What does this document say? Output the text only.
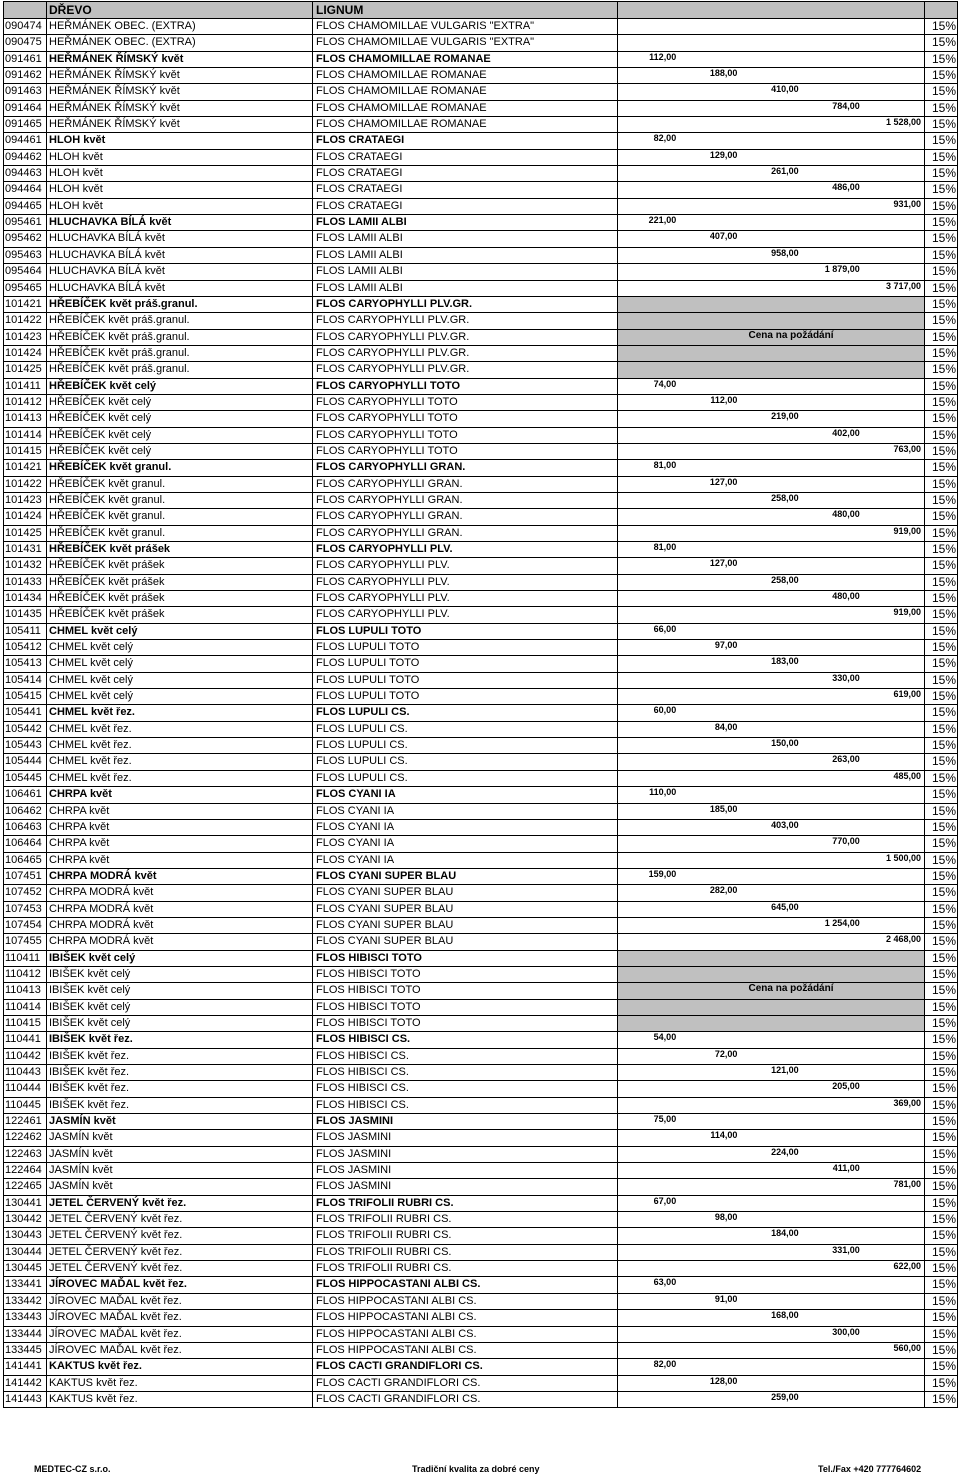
DŘEVO	LIGNUM
090474 HEŘMÁNEK OBEC. (EXTRA)	FLOS CHAMOMILLAE VULGARIS "EXTRA"	15%
090475 HEŘMÁNEK OBEC. (EXTRA)	FLOS CHAMOMILLAE VULGARIS "EXTRA"	15%
091461 HEŘMÁNEK ŘÍMSKÝ květ	FLOS CHAMOMILLAE ROMANAE	112,00	15%
091462 HEŘMÁNEK ŘÍMSKÝ květ	FLOS CHAMOMILLAE ROMANAE	188,00	15%
091463 HEŘMÁNEK ŘÍMSKÝ květ	FLOS CHAMOMILLAE ROMANAE	410,00	15%
091464 HEŘMÁNEK ŘÍMSKÝ květ	FLOS CHAMOMILLAE ROMANAE	784,00	15%
091465 HEŘMÁNEK ŘÍMSKÝ květ	FLOS CHAMOMILLAE ROMANAE	1 528,00 15%
094461 HLOH květ	FLOS CRATAEGI	82,00	15%
094462 HLOH květ	FLOS CRATAEGI	129,00	15%
094463 HLOH květ	FLOS CRATAEGI	261,00	15%
094464 HLOH květ	FLOS CRATAEGI	486,00	15%
094465 HLOH květ	FLOS CRATAEGI	931,00 15%
095461 HLUCHAVKA BÍLÁ květ	FLOS LAMII ALBI	221,00	15%
095462 HLUCHAVKA BÍLÁ květ	FLOS LAMII ALBI	407,00	15%
095463 HLUCHAVKA BÍLÁ květ	FLOS LAMII ALBI	958,00	15%
095464 HLUCHAVKA BÍLÁ květ	FLOS LAMII ALBI	1 879,00	15%
095465 HLUCHAVKA BÍLÁ květ	FLOS LAMII ALBI	3 717,00 15%
101421 HŘEBÍČEK květ práš.granul.	FLOS CARYOPHYLLI PLV.GR.	15%
101422 HŘEBÍČEK květ práš.granul.	FLOS CARYOPHYLLI PLV.GR.	15%
101423 HŘEBÍČEK květ práš.granul.	FLOS CARYOPHYLLI PLV.GR.	Cena na požádání	15%
101424 HŘEBÍČEK květ práš.granul.	FLOS CARYOPHYLLI PLV.GR.	15%
101425 HŘEBÍČEK květ práš.granul.	FLOS CARYOPHYLLI PLV.GR.	15%
101411 HŘEBÍČEK květ celý	FLOS CARYOPHYLLI TOTO	74,00	15%
101412 HŘEBÍČEK květ celý	FLOS CARYOPHYLLI TOTO	112,00	15%
101413 HŘEBÍČEK květ celý	FLOS CARYOPHYLLI TOTO	219,00	15%
101414 HŘEBÍČEK květ celý	FLOS CARYOPHYLLI TOTO	402,00	15%
101415 HŘEBÍČEK květ celý	FLOS CARYOPHYLLI TOTO	763,00 15%
101421 HŘEBÍČEK květ granul.	FLOS CARYOPHYLLI GRAN.	81,00	15%
101422 HŘEBÍČEK květ granul.	FLOS CARYOPHYLLI GRAN.	127,00	15%
101423 HŘEBÍČEK květ granul.	FLOS CARYOPHYLLI GRAN.	258,00	15%
101424 HŘEBÍČEK květ granul.	FLOS CARYOPHYLLI GRAN.	480,00	15%
101425 HŘEBÍČEK květ granul.	FLOS CARYOPHYLLI GRAN.	919,00 15%
101431 HŘEBÍČEK květ prášek	FLOS CARYOPHYLLI PLV.	81,00	15%
101432 HŘEBÍČEK květ prášek	FLOS CARYOPHYLLI PLV.	127,00	15%
101433 HŘEBÍČEK květ prášek	FLOS CARYOPHYLLI PLV.	258,00	15%
101434 HŘEBÍČEK květ prášek	FLOS CARYOPHYLLI PLV.	480,00	15%
101435 HŘEBÍČEK květ prášek	FLOS CARYOPHYLLI PLV.	919,00 15%
105411 CHMEL květ celý	FLOS LUPULI TOTO	66,00	15%
105412 CHMEL květ celý	FLOS LUPULI TOTO	97,00	15%
105413 CHMEL květ celý	FLOS LUPULI TOTO	183,00	15%
105414 CHMEL květ celý	FLOS LUPULI TOTO	330,00	15%
105415 CHMEL květ celý	FLOS LUPULI TOTO	619,00 15%
105441 CHMEL květ řez.	FLOS LUPULI CS.	60,00	15%
105442 CHMEL květ řez.	FLOS LUPULI CS.	84,00	15%
105443 CHMEL květ řez.	FLOS LUPULI CS.	150,00	15%
105444 CHMEL květ řez.	FLOS LUPULI CS.	263,00	15%
105445 CHMEL květ řez.	FLOS LUPULI CS.	485,00 15%
106461 CHRPA květ	FLOS CYANI IA	110,00	15%
106462 CHRPA květ	FLOS CYANI IA	185,00	15%
106463 CHRPA květ	FLOS CYANI IA	403,00	15%
106464 CHRPA květ	FLOS CYANI IA	770,00	15%
106465 CHRPA květ	FLOS CYANI IA	1 500,00 15%
107451 CHRPA MODRÁ květ	FLOS CYANI SUPER BLAU	159,00	15%
107452 CHRPA MODRÁ květ	FLOS CYANI SUPER BLAU	282,00	15%
107453 CHRPA MODRÁ květ	FLOS CYANI SUPER BLAU	645,00	15%
107454 CHRPA MODRÁ květ	FLOS CYANI SUPER BLAU	1 254,00	15%
107455 CHRPA MODRÁ květ	FLOS CYANI SUPER BLAU	2 468,00 15%
110411 IBIŠEK květ celý	FLOS HIBISCI TOTO	15%
110412 IBIŠEK květ celý	FLOS HIBISCI TOTO	15%
110413 IBIŠEK květ celý	FLOS HIBISCI TOTO	Cena na požádání	15%
110414 IBIŠEK květ celý	FLOS HIBISCI TOTO	15%
110415 IBIŠEK květ celý	FLOS HIBISCI TOTO	15%
110441 IBIŠEK květ řez.	FLOS HIBISCI CS.	54,00	15%
110442 IBIŠEK květ řez.	FLOS HIBISCI CS.	72,00	15%
110443 IBIŠEK květ řez.	FLOS HIBISCI CS.	121,00	15%
110444 IBIŠEK květ řez.	FLOS HIBISCI CS.	205,00	15%
110445 IBIŠEK květ řez.	FLOS HIBISCI CS.	369,00 15%
122461 JASMÍN květ	FLOS JASMINI	75,00	15%
122462 JASMÍN květ	FLOS JASMINI	114,00	15%
122463 JASMÍN květ	FLOS JASMINI	224,00	15%
122464 JASMÍN květ	FLOS JASMINI	411,00	15%
122465 JASMÍN květ	FLOS JASMINI	781,00 15%
130441 JETEL ČERVENÝ květ řez.	FLOS TRIFOLII RUBRI CS.	67,00	15%
130442 JETEL ČERVENÝ květ řez.	FLOS TRIFOLII RUBRI CS.	98,00	15%
130443 JETEL ČERVENÝ květ řez.	FLOS TRIFOLII RUBRI CS.	184,00	15%
130444 JETEL ČERVENÝ květ řez.	FLOS TRIFOLII RUBRI CS.	331,00	15%
130445 JETEL ČERVENÝ květ řez.	FLOS TRIFOLII RUBRI CS.	622,00 15%
133441 JÍROVEC MAĎAL květ řez.	FLOS HIPPOCASTANI ALBI CS.	63,00	15%
133442 JÍROVEC MAĎAL květ řez.	FLOS HIPPOCASTANI ALBI CS.	91,00	15%
133443 JÍROVEC MAĎAL květ řez.	FLOS HIPPOCASTANI ALBI CS.	168,00	15%
133444 JÍROVEC MAĎAL květ řez.	FLOS HIPPOCASTANI ALBI CS.	300,00	15%
133445 JÍROVEC MAĎAL květ řez.	FLOS HIPPOCASTANI ALBI CS.	560,00 15%
141441 KAKTUS květ řez.	FLOS CACTI GRANDIFLORI CS.	82,00	15%
141442 KAKTUS květ řez.	FLOS CACTI GRANDIFLORI CS.	128,00	15%
141443 KAKTUS květ řez.	FLOS CACTI GRANDIFLORI CS.	259,00	15%
MEDTEC-CZ s.r.o.	Tradiční kvalita za dobré ceny	Tel./Fax +420 777764602
